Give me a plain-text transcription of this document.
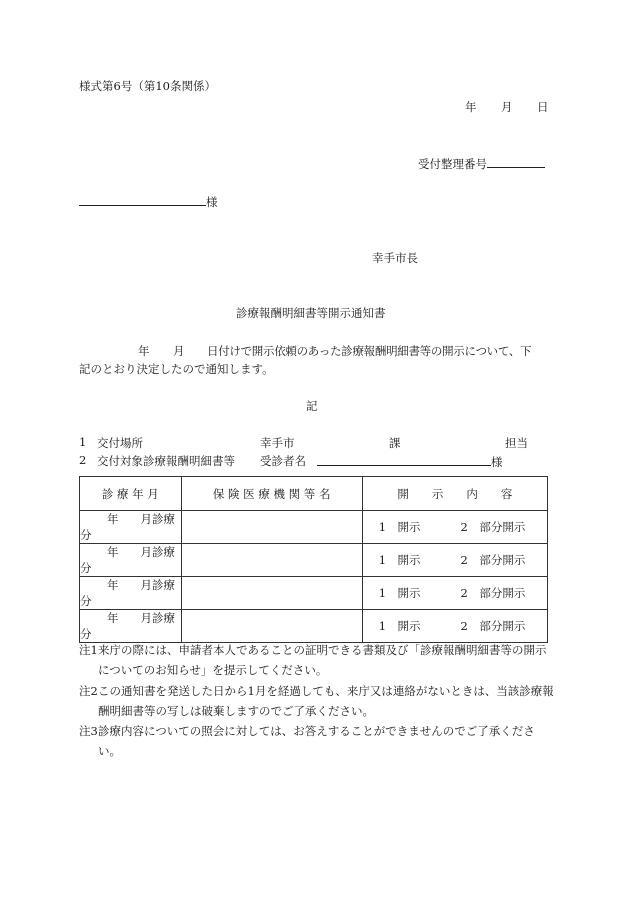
様式第6号（第10条関係）
年 月 日
受付整理番号
様
幸手市長
診療報酬明細書等開示通知書
年 月 日付けで開示依頼のあった診療報酬明細書等の開示について、下
記のとおり決定したので通知します。
記
1 交付場所	幸手市	課	担当
2 交付対象診療報酬明細書等 受診者名	様
診 療 年 月	保 険 医 療 機 関 等 名	開　　示　　内　　容
年 月診療分		1　開示 2　部分開示
年 月診療分		1　開示 2　部分開示
年 月診療分		1　開示 2　部分開示
年 月診療分		1　開示 2　部分開示
注1 来庁の際には、申請者本人であることの証明できる書類及び「診療報酬明細書等の開示についてのお知らせ」を提示してください。
注2 この通知書を発送した日から1月を経過しても、来庁又は連絡がないときは、当該診療報酬明細書等の写しは破棄しますのでご了承ください。
注3 診療内容についての照会に対しては、お答えすることができませんのでご了承ください。
